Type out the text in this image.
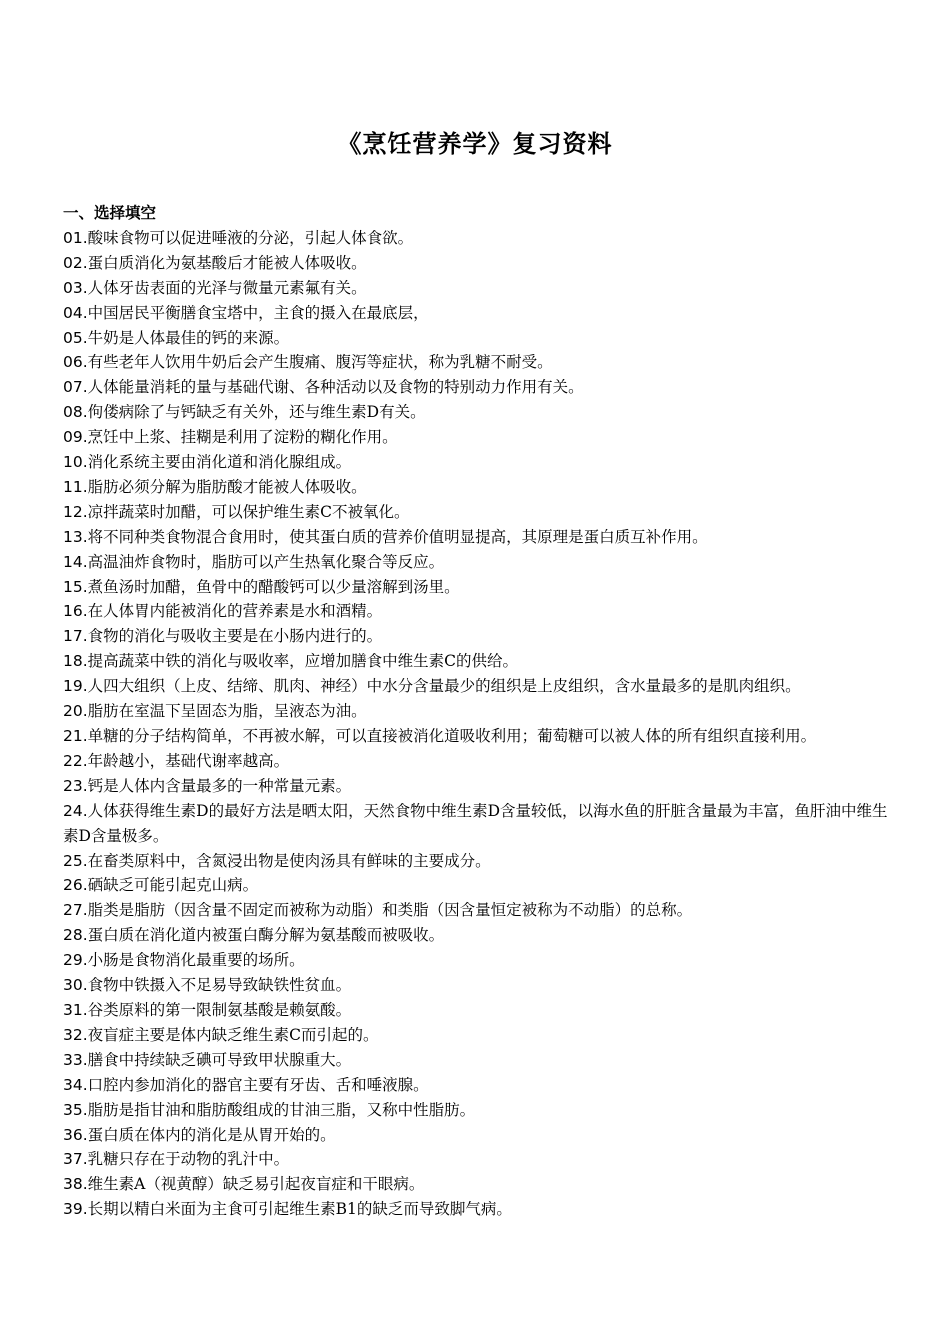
《烹饪营养学》复习资料
一、选择填空
01.酸味食物可以促进唾液的分泌，引起人体食欲。
02.蛋白质消化为氨基酸后才能被人体吸收。
03.人体牙齿表面的光泽与微量元素氟有关。
04.中国居民平衡膳食宝塔中，主食的摄入在最底层，
05.牛奶是人体最佳的钙的来源。
06.有些老年人饮用牛奶后会产生腹痛、腹泻等症状，称为乳糖不耐受。
07.人体能量消耗的量与基础代谢、各种活动以及食物的特别动力作用有关。
08.佝偻病除了与钙缺乏有关外，还与维生素D有关。
09.烹饪中上浆、挂糊是利用了淀粉的糊化作用。
10.消化系统主要由消化道和消化腺组成。
11.脂肪必须分解为脂肪酸才能被人体吸收。
12.凉拌蔬菜时加醋，可以保护维生素C不被氧化。
13.将不同种类食物混合食用时，使其蛋白质的营养价值明显提高，其原理是蛋白质互补作用。
14.高温油炸食物时，脂肪可以产生热氧化聚合等反应。
15.煮鱼汤时加醋，鱼骨中的醋酸钙可以少量溶解到汤里。
16.在人体胃内能被消化的营养素是水和酒精。
17.食物的消化与吸收主要是在小肠内进行的。
18.提高蔬菜中铁的消化与吸收率，应增加膳食中维生素C的供给。
19.人四大组织（上皮、结缔、肌肉、神经）中水分含量最少的组织是上皮组织，含水量最多的是肌肉组织。
20.脂肪在室温下呈固态为脂，呈液态为油。
21.单糖的分子结构简单，不再被水解，可以直接被消化道吸收利用；葡萄糖可以被人体的所有组织直接利用。
22.年龄越小，基础代谢率越高。
23.钙是人体内含量最多的一种常量元素。
24.人体获得维生素D的最好方法是晒太阳，天然食物中维生素D含量较低，以海水鱼的肝脏含量最为丰富，鱼肝油中维生素D含量极多。
25.在畜类原料中，含氮浸出物是使肉汤具有鲜味的主要成分。
26.硒缺乏可能引起克山病。
27.脂类是脂肪（因含量不固定而被称为动脂）和类脂（因含量恒定被称为不动脂）的总称。
28.蛋白质在消化道内被蛋白酶分解为氨基酸而被吸收。
29.小肠是食物消化最重要的场所。
30.食物中铁摄入不足易导致缺铁性贫血。
31.谷类原料的第一限制氨基酸是赖氨酸。
32.夜盲症主要是体内缺乏维生素C而引起的。
33.膳食中持续缺乏碘可导致甲状腺重大。
34.口腔内参加消化的器官主要有牙齿、舌和唾液腺。
35.脂肪是指甘油和脂肪酸组成的甘油三脂，又称中性脂肪。
36.蛋白质在体内的消化是从胃开始的。
37.乳糖只存在于动物的乳汁中。
38.维生素A（视黄醇）缺乏易引起夜盲症和干眼病。
39.长期以精白米面为主食可引起维生素B1的缺乏而导致脚气病。
